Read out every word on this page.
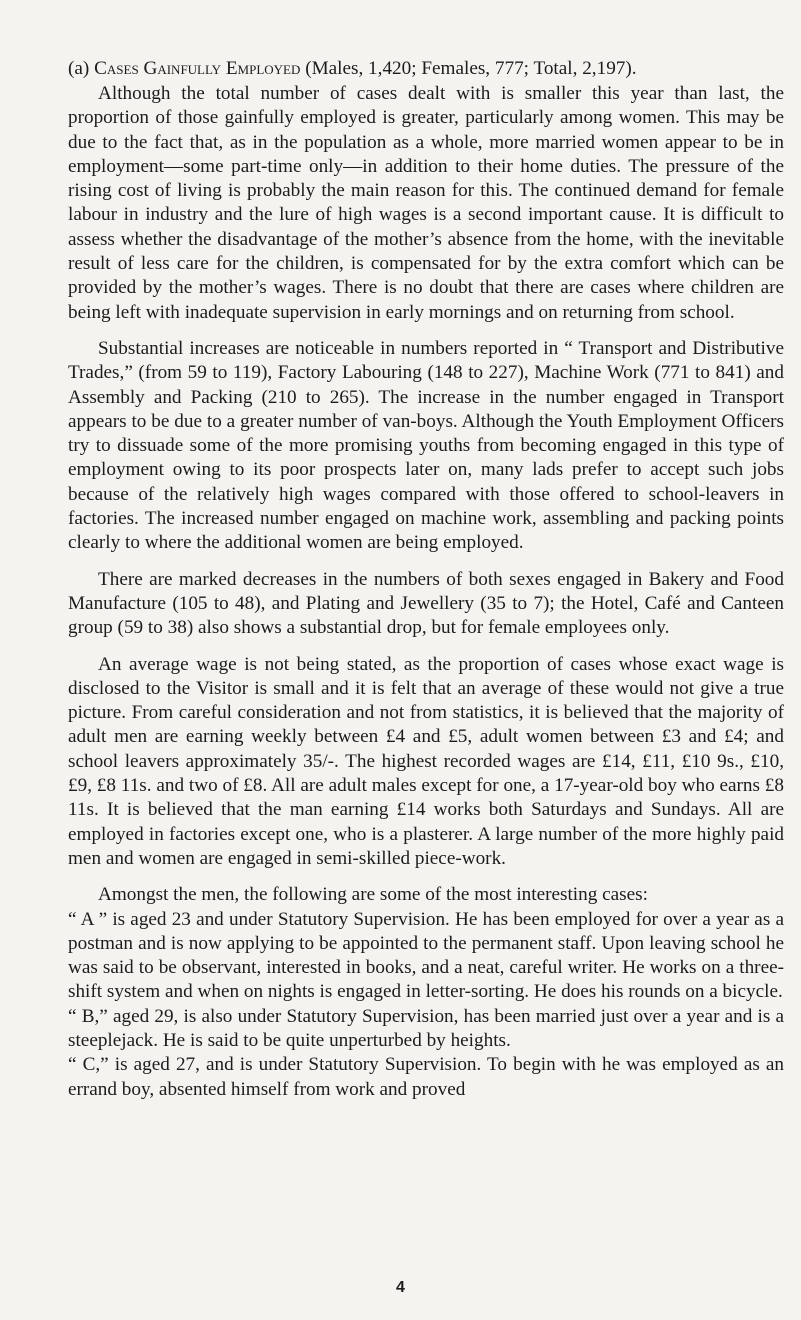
(a) Cases Gainfully Employed (Males, 1,420; Females, 777; Total, 2,197).

Although the total number of cases dealt with is smaller this year than last, the proportion of those gainfully employed is greater, particularly among women. This may be due to the fact that, as in the population as a whole, more married women appear to be in employment—some part-time only—in addition to their home duties. The pressure of the rising cost of living is probably the main reason for this. The continued demand for female labour in industry and the lure of high wages is a second important cause. It is difficult to assess whether the disadvantage of the mother’s absence from the home, with the inevitable result of less care for the children, is compensated for by the extra comfort which can be provided by the mother’s wages. There is no doubt that there are cases where children are being left with inadequate supervision in early mornings and on returning from school.

Substantial increases are noticeable in numbers reported in “ Transport and Distributive Trades,” (from 59 to 119), Factory Labouring (148 to 227), Machine Work (771 to 841) and Assembly and Packing (210 to 265). The increase in the number engaged in Transport appears to be due to a greater number of van-boys. Although the Youth Employment Officers try to dissuade some of the more promising youths from becoming engaged in this type of employment owing to its poor prospects later on, many lads prefer to accept such jobs because of the relatively high wages compared with those offered to school-leavers in factories. The increased number engaged on machine work, assembling and packing points clearly to where the additional women are being employed.

There are marked decreases in the numbers of both sexes engaged in Bakery and Food Manufacture (105 to 48), and Plating and Jewellery (35 to 7); the Hotel, Café and Canteen group (59 to 38) also shows a substantial drop, but for female employees only.

An average wage is not being stated, as the proportion of cases whose exact wage is disclosed to the Visitor is small and it is felt that an average of these would not give a true picture. From careful consideration and not from statistics, it is believed that the majority of adult men are earning weekly between £4 and £5, adult women between £3 and £4; and school leavers approximately 35/-. The highest recorded wages are £14, £11, £10 9s., £10, £9, £8 11s. and two of £8. All are adult males except for one, a 17-year-old boy who earns £8 11s. It is believed that the man earning £14 works both Saturdays and Sundays. All are employed in factories except one, who is a plasterer. A large number of the more highly paid men and women are engaged in semi-skilled piece-work.

Amongst the men, the following are some of the most interesting cases:

“ A ” is aged 23 and under Statutory Supervision. He has been employed for over a year as a postman and is now applying to be appointed to the permanent staff. Upon leaving school he was said to be observant, interested in books, and a neat, careful writer. He works on a three-shift system and when on nights is engaged in letter-sorting. He does his rounds on a bicycle.

“ B,” aged 29, is also under Statutory Supervision, has been married just over a year and is a steeplejack. He is said to be quite unperturbed by heights.

“ C,” is aged 27, and is under Statutory Supervision. To begin with he was employed as an errand boy, absented himself from work and proved

4
